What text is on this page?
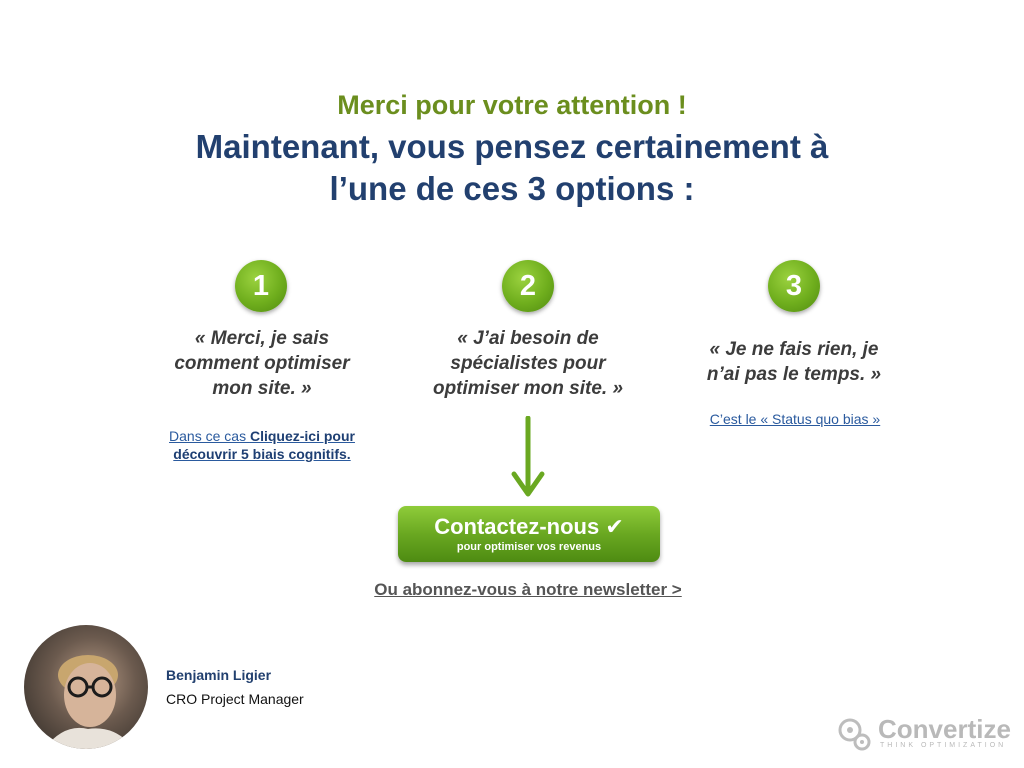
Merci pour votre attention !
Maintenant, vous pensez certainement à
l’une de ces 3 options :
1
« Merci, je sais
comment optimiser
mon site. »
Dans ce cas Cliquez-ici pour
découvrir 5 biais cognitifs.
2
« J’ai besoin de
spécialistes pour
optimiser mon site. »
3
« Je ne fais rien, je
n’ai pas le temps. »
C’est le « Status quo bias »
Contactez-nous ✔
pour optimiser vos revenus
Ou abonnez-vous à notre newsletter >
Benjamin Ligier
CRO Project Manager
Convertize
THINK OPTIMIZATION
